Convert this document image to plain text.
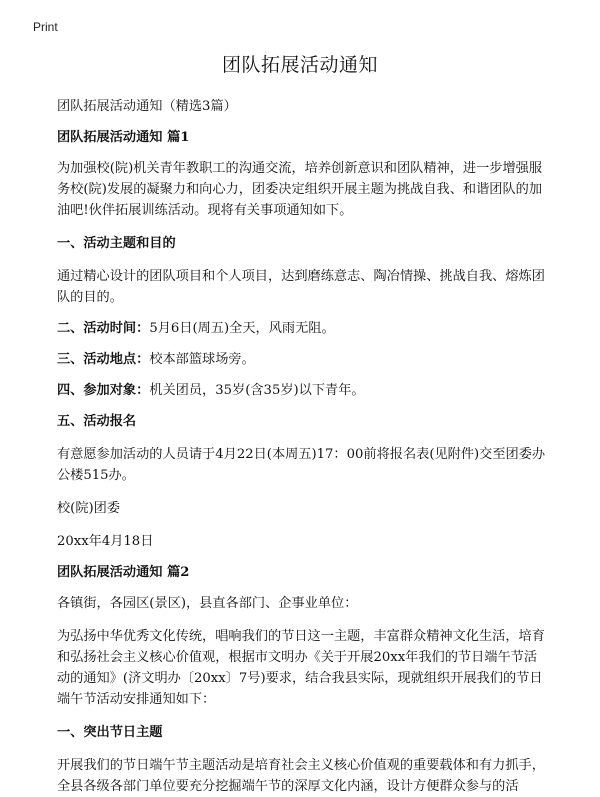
Print
团队拓展活动通知

团队拓展活动通知（精选3篇）

团队拓展活动通知 篇1

为加强校(院)机关青年教职工的沟通交流，培养创新意识和团队精神，进一步增强服务校(院)发展的凝聚力和向心力，团委决定组织开展主题为挑战自我、和谐团队的加油吧!伙伴拓展训练活动。现将有关事项通知如下。

一、活动主题和目的

通过精心设计的团队项目和个人项目，达到磨练意志、陶冶情操、挑战自我、熔炼团队的目的。

二、活动时间：5月6日(周五)全天，风雨无阻。

三、活动地点：校本部篮球场旁。

四、参加对象：机关团员，35岁(含35岁)以下青年。

五、活动报名

有意愿参加活动的人员请于4月22日(本周五)17：00前将报名表(见附件)交至团委办公楼515办。

校(院)团委

20xx年4月18日

团队拓展活动通知 篇2

各镇街，各园区(景区)，县直各部门、企事业单位：

为弘扬中华优秀文化传统，唱响我们的节日这一主题，丰富群众精神文化生活，培育和弘扬社会主义核心价值观，根据市文明办《关于开展20xx年我们的节日端午节活动的通知》(济文明办〔20xx〕7号)要求，结合我县实际，现就组织开展我们的节日端午节活动安排通知如下：

一、突出节日主题

开展我们的节日端午节主题活动是培育社会主义核心价值观的重要载体和有力抓手，全县各级各部门单位要充分挖掘端午节的深厚文化内涵，设计方便群众参与的活
